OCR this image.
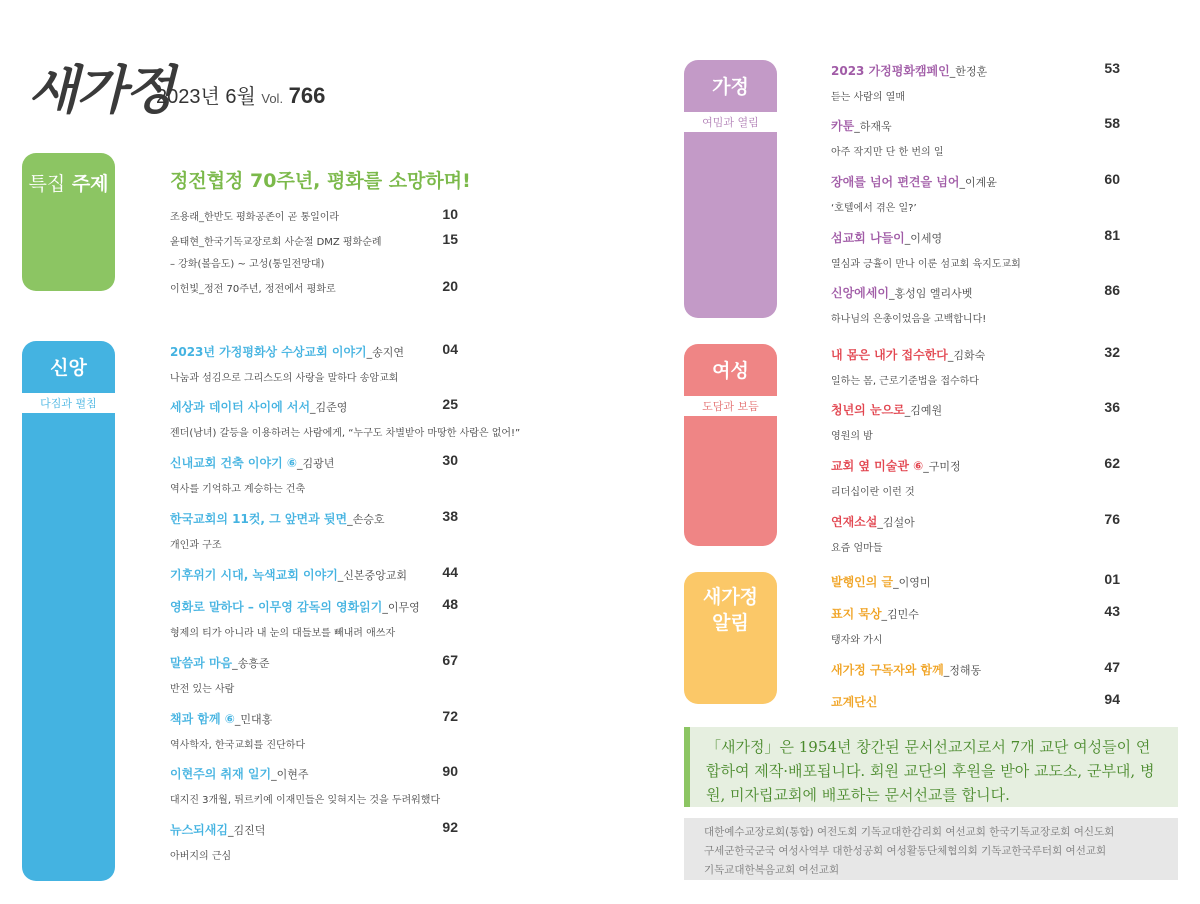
새가정
2023년 6월 Vol. 766
특집 주제	정전협정 70주년, 평화를 소망하며!
조용래_한반도 평화공존이 곧 통일이라	10
윤태현_한국기독교장로회 사순절 DMZ 평화순례	15
– 강화(볼음도) ~ 고성(통일전망대)
이헌빛_정전 70주년, 정전에서 평화로	20
신앙
다짐과 펼침
2023년 가정평화상 수상교회 이야기_송지연
나눔과 섬김으로 그리스도의 사랑을 말하다 송암교회
04
세상과 데이터 사이에 서서_김준영
젠더(남녀) 갈등을 이용하려는 사람에게, “누구도 차별받아 마땅한 사람은 없어!”
25
신내교회 건축 이야기 ⑥_김광년
역사를 기억하고 계승하는 건축
30
한국교회의 11컷, 그 앞면과 뒷면_손승호
개인과 구조
38
기후위기 시대, 녹색교회 이야기_신본중앙교회	44
영화로 말하다 – 이무영 감독의 영화읽기_이무영
형제의 티가 아니라 내 눈의 대들보를 빼내려 애쓰자
48
말씀과 마음_송흥준
반전 있는 사람
67
책과 함께 ⑥_민대홍
역사학자, 한국교회를 진단하다
72
이현주의 취재 일기_이현주
대지진 3개월, 튀르키예 이재민들은 잊혀지는 것을 두려워했다
90
뉴스되새김_김진덕
아버지의 근심
92
2023 가정평화캠페인_한정훈
듣는 사람의 열매
53
카툰_하재욱
아주 작지만 단 한 번의 일
58
장애를 넘어 편견을 넘어_이계윤
‘호텔에서 겪은 일?’
60
섬교회 나들이_이세영
열심과 긍휼이 만나 이룬 섬교회 육지도교회
81
신앙에세이_홍성임 엘리사벳
하나님의 은총이었음을 고백합니다!
86
내 몸은 내가 접수한다_김화숙
일하는 몸, 근로기준법을 접수하다
32
청년의 눈으로_김예원
영원의 밤
36
교회 옆 미술관 ⑥_구미정
리더십이란 이런 것
62
연재소설_김설아
요즘 엄마들
76
발행인의 글_이영미	01
표지 묵상_김민수
탱자와 가시
43
새가정 구독자와 함께_정해동	47
교계단신	94
가정
여밈과 열림
여성
도담과 보듬
새가정
알림
「새가정」은 1954년 창간된 문서선교지로서 7개 교단 여성들이 연합하여 제작·배포됩니다. 회원 교단의 후원을 받아 교도소, 군부대, 병원, 미자립교회에 배포하는 문서선교를 합니다.
대한예수교장로회(통합) 여전도회 기독교대한감리회 여선교회 한국기독교장로회 여신도회
구세군한국군국 여성사역부 대한성공회 여성활동단체협의회 기독교한국루터회 여선교회
기독교대한복음교회 여선교회
